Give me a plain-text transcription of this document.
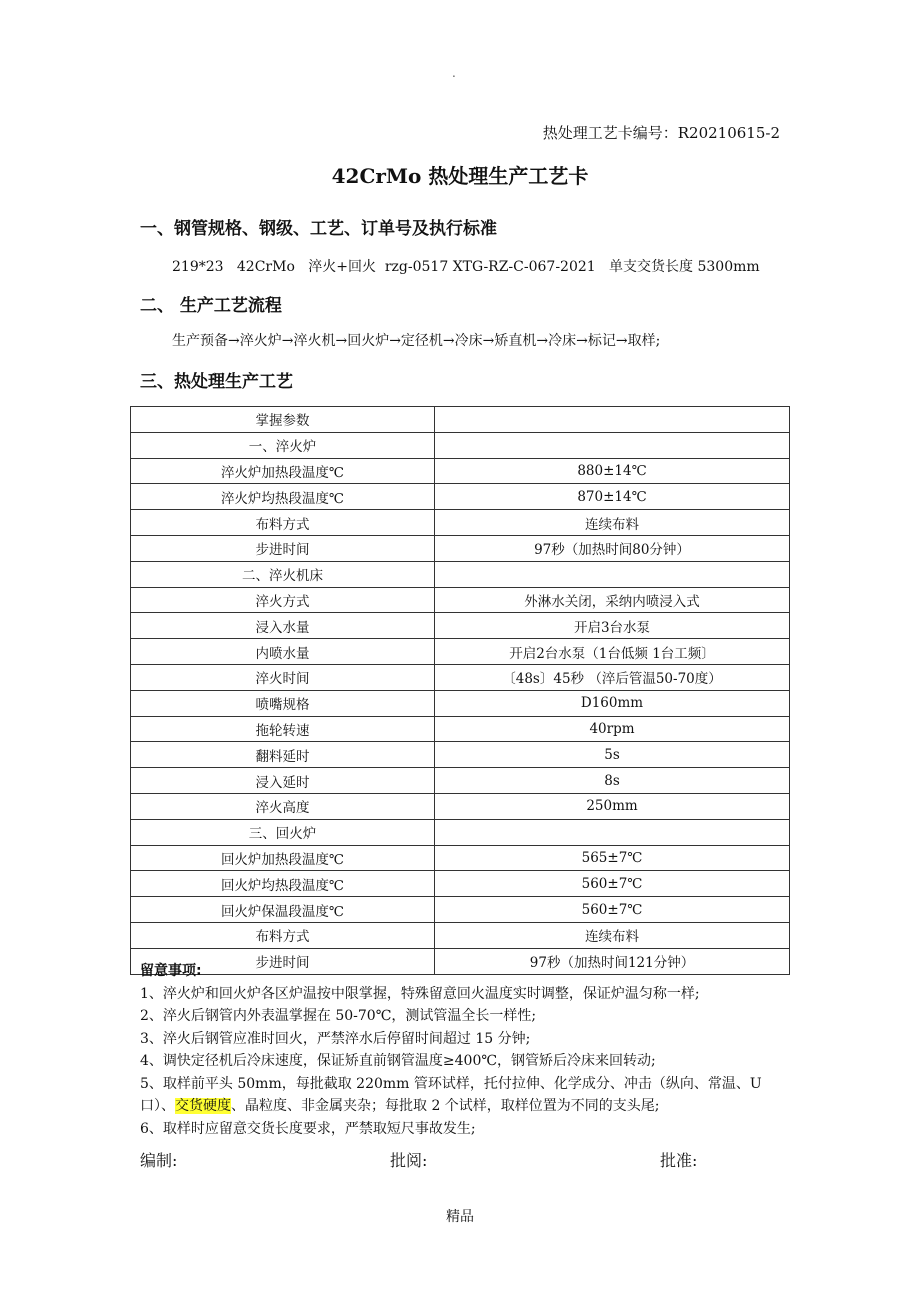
.
热处理工艺卡编号：R20210615-2
42CrMo 热处理生产工艺卡
一、钢管规格、钢级、工艺、订单号及执行标准
219*23   42CrMo   淬火+回火  rzg-0517 XTG-RZ-C-067-2021   单支交货长度 5300mm
二、 生产工艺流程
生产预备→淬火炉→淬火机→回火炉→定径机→冷床→矫直机→冷床→标记→取样;
三、热处理生产工艺
掌握参数	
一、淬火炉	
淬火炉加热段温度℃	880±14℃
淬火炉均热段温度℃	870±14℃
布料方式	连续布料
步进时间	97秒（加热时间80分钟）
二、淬火机床	
淬火方式	外淋水关闭，采纳内喷浸入式
浸入水量	开启3台水泵
内喷水量	开启2台水泵（1台低频 1台工频〕
淬火时间	〔48s〕45秒 （淬后管温50-70度）
喷嘴规格	D160mm
拖轮转速	40rpm
翻料延时	5s
浸入延时	8s
淬火高度	250mm
三、回火炉	
回火炉加热段温度℃	565±7℃
回火炉均热段温度℃	560±7℃
回火炉保温段温度℃	560±7℃
布料方式	连续布料
步进时间	97秒（加热时间121分钟）
留意事项:
1、淬火炉和回火炉各区炉温按中限掌握，特殊留意回火温度实时调整，保证炉温匀称一样;
2、淬火后钢管内外表温掌握在 50-70℃，测试管温全长一样性;
3、淬火后钢管应准时回火，严禁淬水后停留时间超过 15 分钟;
4、调快定径机后冷床速度，保证矫直前钢管温度≥400℃，钢管矫后冷床来回转动;
5、取样前平头 50mm，每批截取 220mm 管环试样，托付拉伸、化学成分、冲击（纵向、常温、U 口）、交货硬度、晶粒度、非金属夹杂；每批取 2 个试样，取样位置为不同的支头尾;
6、取样时应留意交货长度要求，严禁取短尺事故发生;
编制:	批阅:	批准:
精品
